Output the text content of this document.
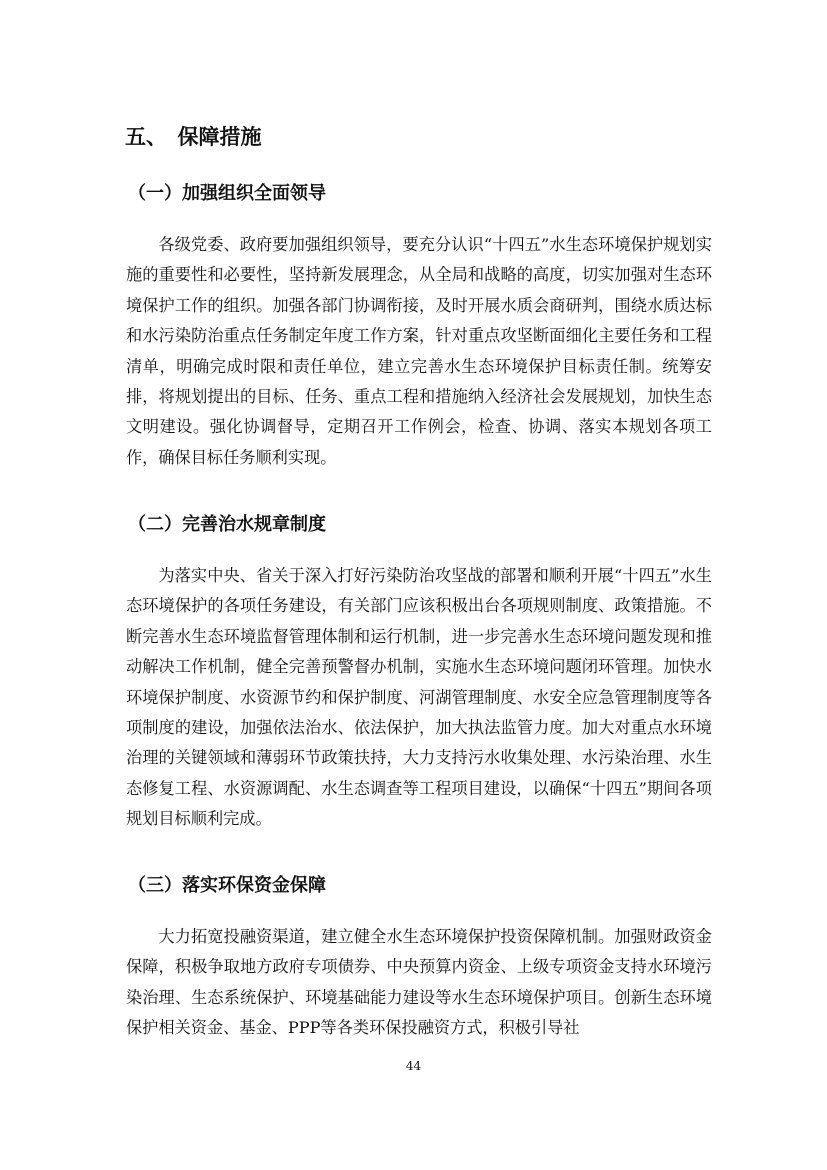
五、　保障措施
（一）加强组织全面领导

各级党委、政府要加强组织领导，要充分认识“十四五”水生态环境保护规划实施的重要性和必要性，坚持新发展理念，从全局和战略的高度，切实加强对生态环境保护工作的组织。加强各部门协调衔接，及时开展水质会商研判，围绕水质达标和水污染防治重点任务制定年度工作方案，针对重点攻坚断面细化主要任务和工程清单，明确完成时限和责任单位，建立完善水生态环境保护目标责任制。统筹安排，将规划提出的目标、任务、重点工程和措施纳入经济社会发展规划，加快生态文明建设。强化协调督导，定期召开工作例会，检查、协调、落实本规划各项工作，确保目标任务顺利实现。

（二）完善治水规章制度

为落实中央、省关于深入打好污染防治攻坚战的部署和顺利开展“十四五”水生态环境保护的各项任务建设，有关部门应该积极出台各项规则制度、政策措施。不断完善水生态环境监督管理体制和运行机制，进一步完善水生态环境问题发现和推动解决工作机制，健全完善预警督办机制，实施水生态环境问题闭环管理。加快水环境保护制度、水资源节约和保护制度、河湖管理制度、水安全应急管理制度等各项制度的建设，加强依法治水、依法保护，加大执法监管力度。加大对重点水环境治理的关键领域和薄弱环节政策扶持，大力支持污水收集处理、水污染治理、水生态修复工程、水资源调配、水生态调查等工程项目建设，以确保“十四五”期间各项规划目标顺利完成。

（三）落实环保资金保障

大力拓宽投融资渠道，建立健全水生态环境保护投资保障机制。加强财政资金保障，积极争取地方政府专项债券、中央预算内资金、上级专项资金支持水环境污染治理、生态系统保护、环境基础能力建设等水生态环境保护项目。创新生态环境保护相关资金、基金、PPP等各类环保投融资方式，积极引导社

44
